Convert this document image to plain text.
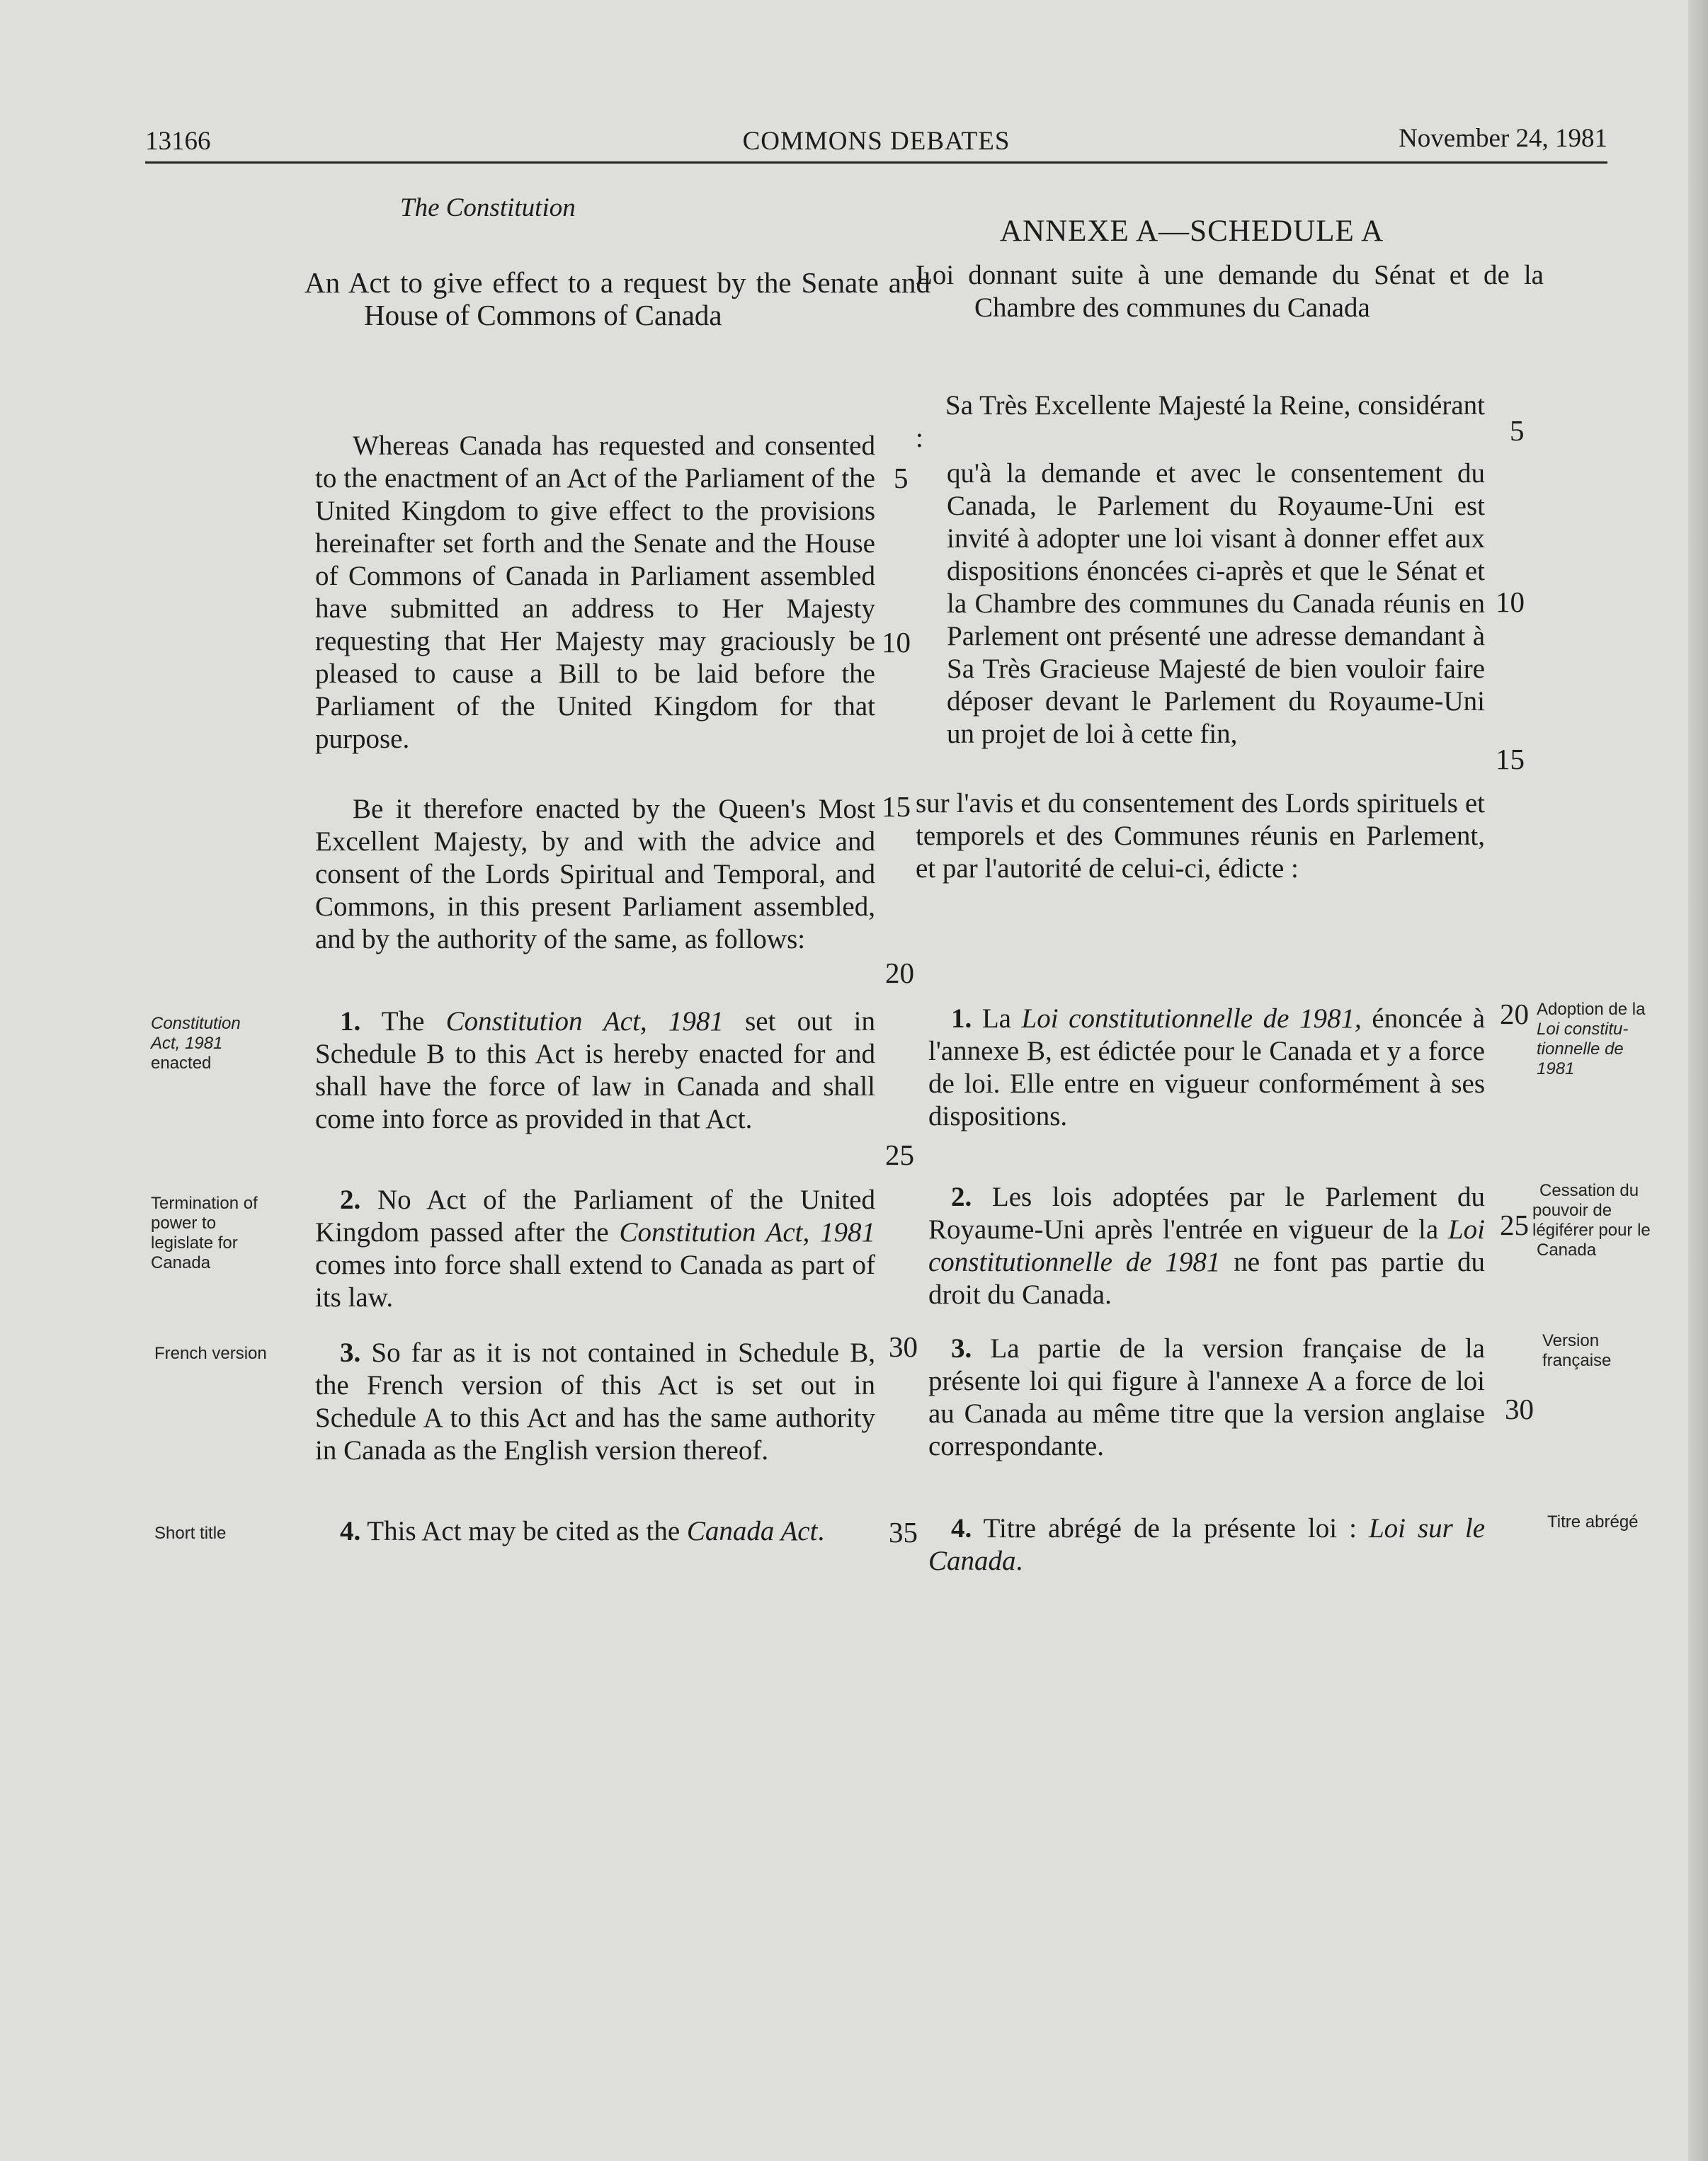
13166	COMMONS DEBATES	November 24, 1981
The Constitution
ANNEXE A—SCHEDULE A
An Act to give effect to a request by the Senate and House of Commons of Canada

Whereas Canada has requested and consented to the enactment of an Act of the Parliament of the United Kingdom to give effect to the provisions hereinafter set forth and the Senate and the House of Commons of Canada in Parliament assembled have submitted an address to Her Majesty requesting that Her Majesty may graciously be pleased to cause a Bill to be laid before the Parliament of the United Kingdom for that purpose.

Be it therefore enacted by the Queen's Most Excellent Majesty, by and with the advice and consent of the Lords Spiritual and Temporal, and Commons, in this present Parliament assembled, and by the authority of the same, as follows:

1. The Constitution Act, 1981 set out in Schedule B to this Act is hereby enacted for and shall have the force of law in Canada and shall come into force as provided in that Act.

2. No Act of the Parliament of the United Kingdom passed after the Constitution Act, 1981 comes into force shall extend to Canada as part of its law.

3. So far as it is not contained in Schedule B, the French version of this Act is set out in Schedule A to this Act and has the same authority in Canada as the English version thereof.

4. This Act may be cited as the Canada Act.

5
10
15
20
25
30
35
Constitution
Act, 1981
enacted
Termination of
power to
legislate for
Canada
French version
Short title

Loi donnant suite à une demande du Sénat et de la Chambre des communes du Canada

Sa Très Excellente Majesté la Reine, considérant :

qu'à la demande et avec le consentement du Canada, le Parlement du Royaume-Uni est invité à adopter une loi visant à donner effet aux dispositions énoncées ci-après et que le Sénat et la Chambre des communes du Canada réunis en Parlement ont présenté une adresse demandant à Sa Très Gracieuse Majesté de bien vouloir faire déposer devant le Parlement du Royaume-Uni un projet de loi à cette fin,

sur l'avis et du consentement des Lords spirituels et temporels et des Communes réunis en Parlement, et par l'autorité de celui-ci, édicte :

1. La Loi constitutionnelle de 1981, énoncée à l'annexe B, est édictée pour le Canada et y a force de loi. Elle entre en vigueur conformément à ses dispositions.

2. Les lois adoptées par le Parlement du Royaume-Uni après l'entrée en vigueur de la Loi constitutionnelle de 1981 ne font pas partie du droit du Canada.

3. La partie de la version française de la présente loi qui figure à l'annexe A a force de loi au Canada au même titre que la version anglaise correspondante.

4. Titre abrégé de la présente loi : Loi sur le Canada.

5
10
15
20
25
30
Adoption de la
Loi constitu-
tionnelle de
1981
Cessation du
pouvoir de
légiférer pour le
Canada
Version
française
Titre abrégé
